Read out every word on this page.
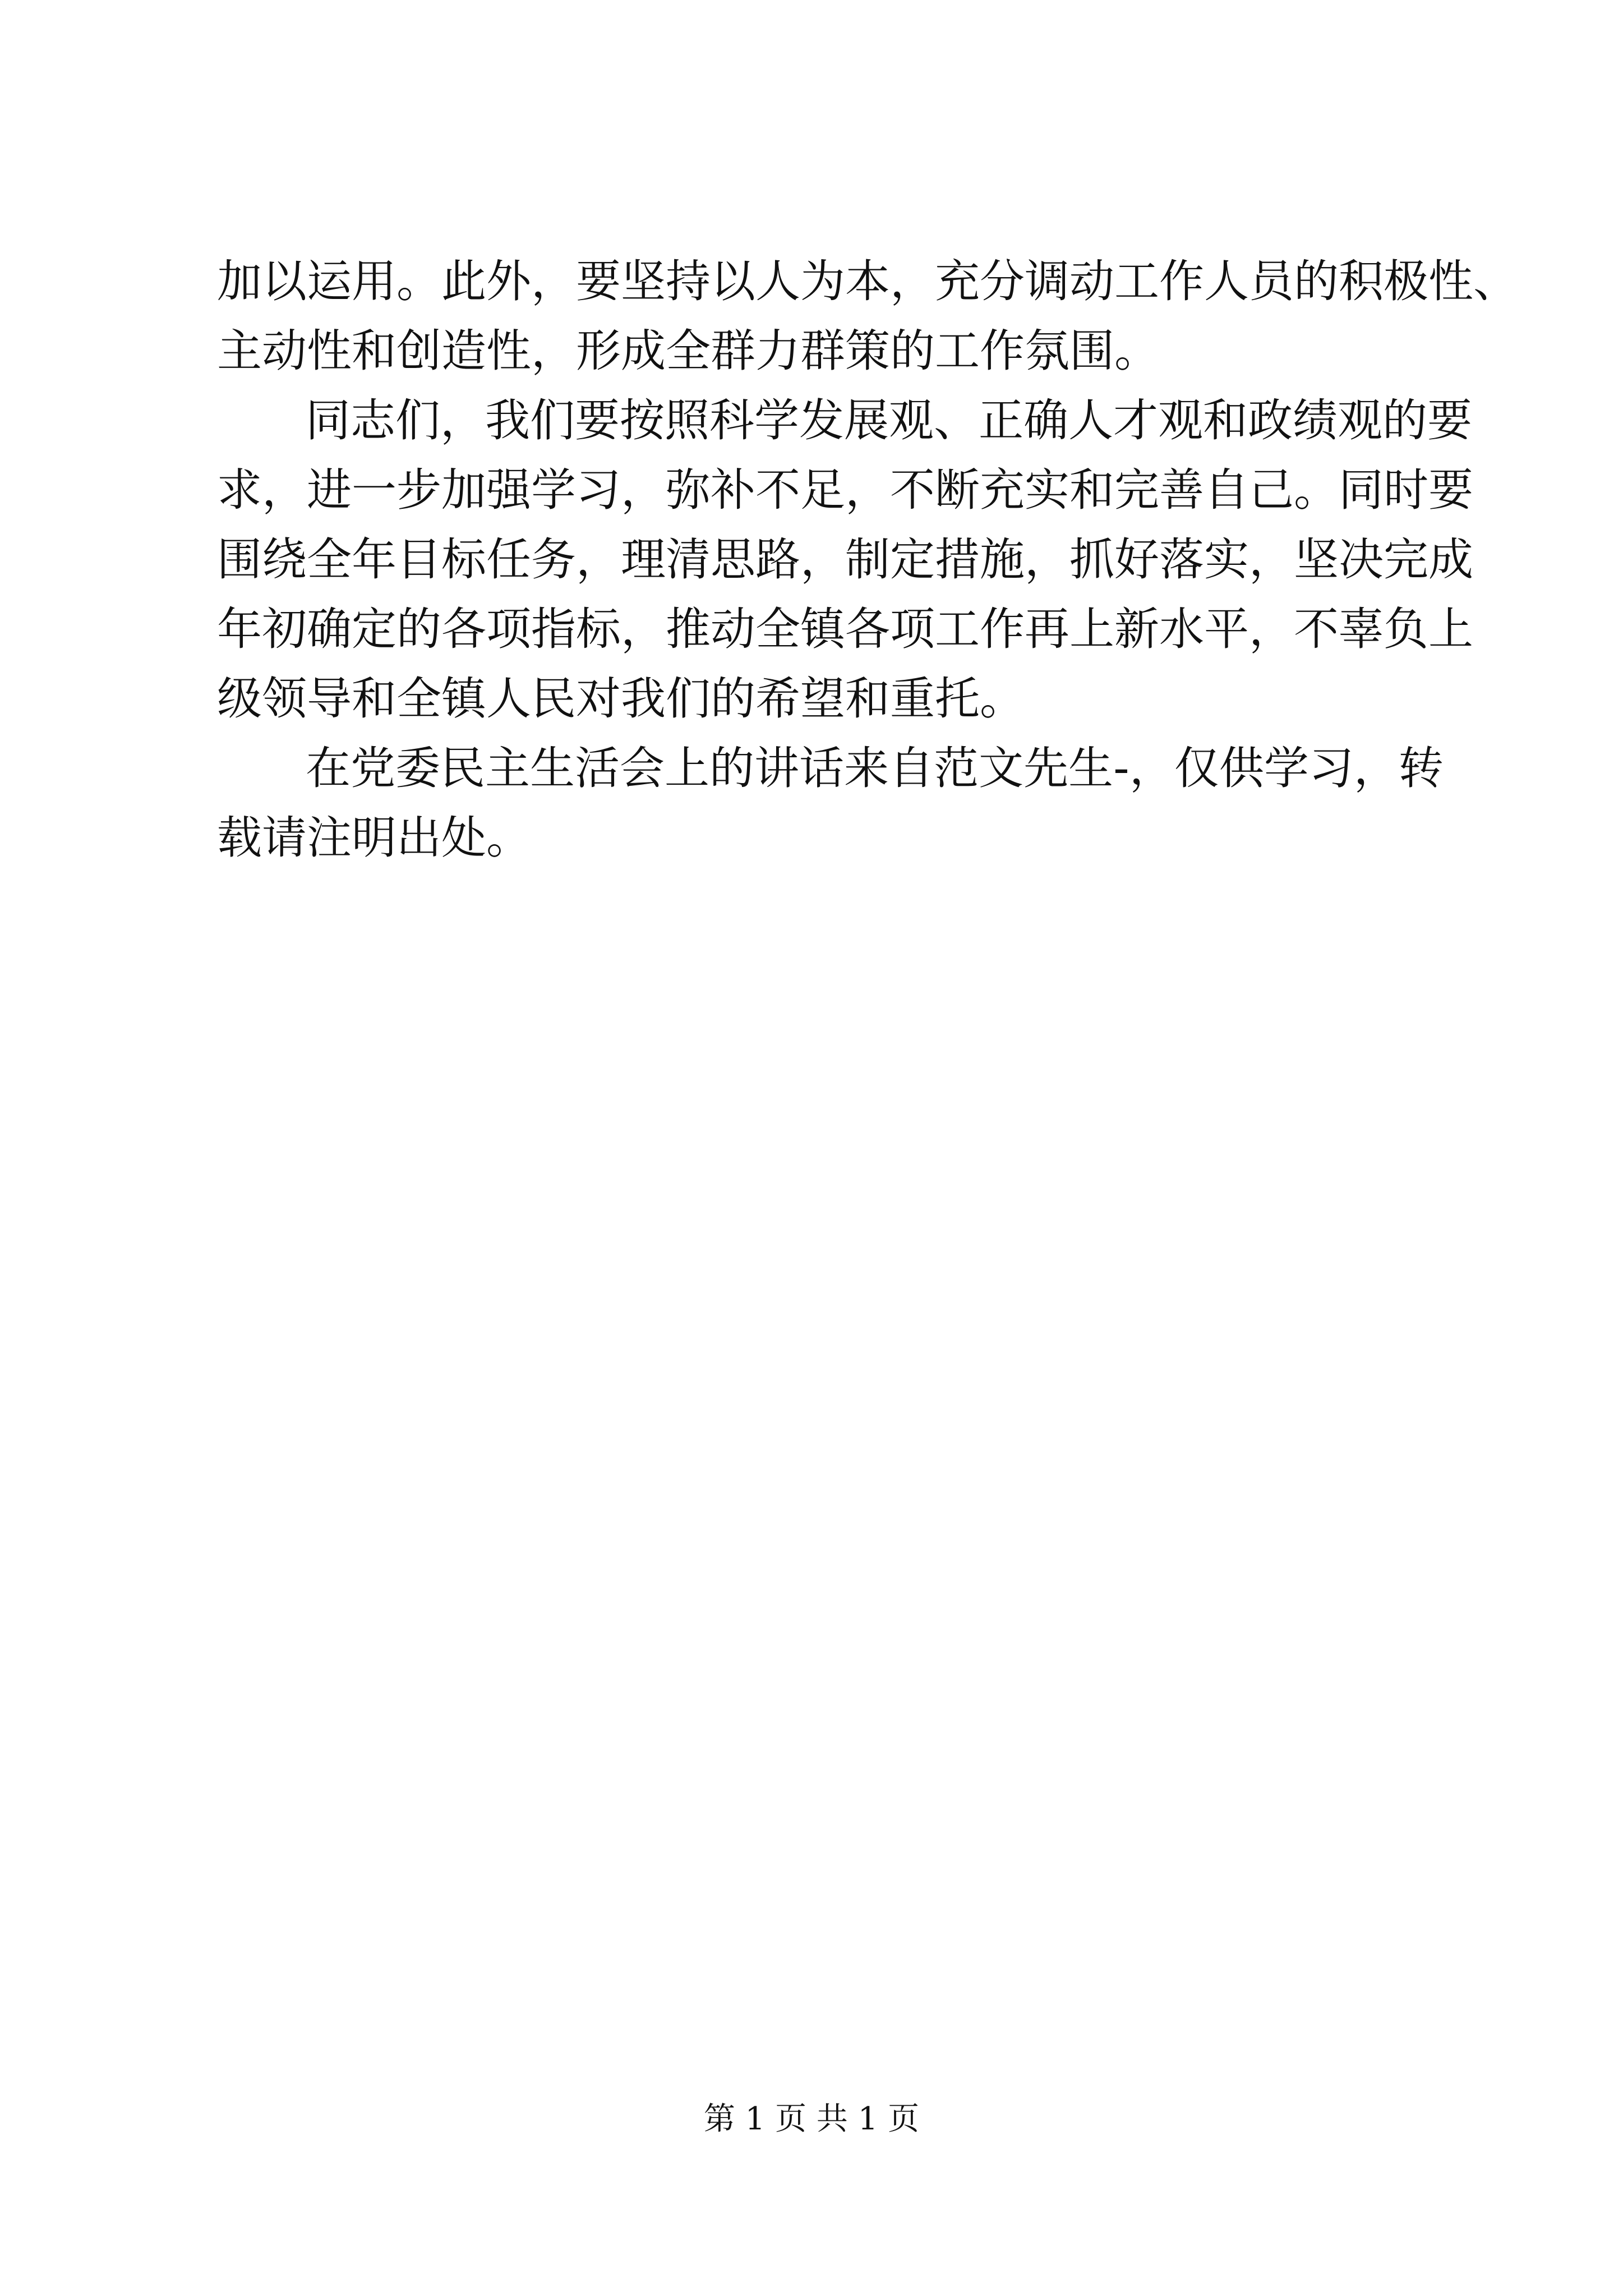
加以运用。此外，要坚持以人为本，充分调动工作人员的积极性、
主动性和创造性，形成全群力群策的工作氛围。
同志们，我们要按照科学发展观、正确人才观和政绩观的要
求，进一步加强学习，弥补不足，不断充实和完善自己。同时要
围绕全年目标任务，理清思路，制定措施，抓好落实，坚决完成
年初确定的各项指标，推动全镇各项工作再上新水平，不辜负上
级领导和全镇人民对我们的希望和重托。
在党委民主生活会上的讲话来自范文先生-，仅供学习，转
载请注明出处。
第 1 页 共 1 页
